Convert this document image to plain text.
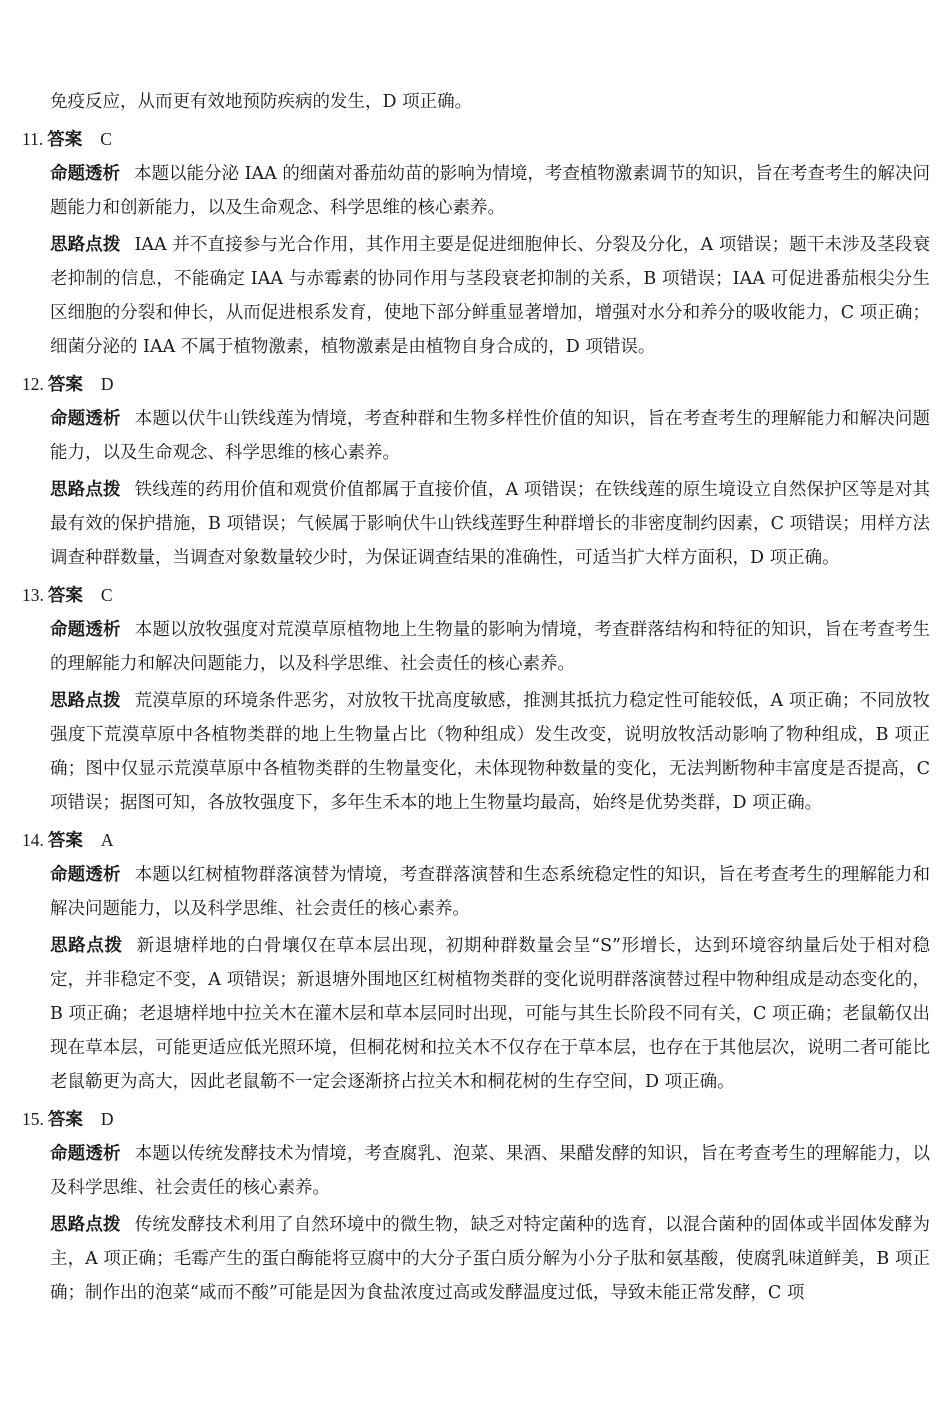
免疫反应，从而更有效地预防疾病的发生，D 项正确。

11. 答案 C

命题透析 本题以能分泌 IAA 的细菌对番茄幼苗的影响为情境，考查植物激素调节的知识，旨在考查考生的解决问题能力和创新能力，以及生命观念、科学思维的核心素养。

思路点拨 IAA 并不直接参与光合作用，其作用主要是促进细胞伸长、分裂及分化，A 项错误；题干未涉及茎段衰老抑制的信息，不能确定 IAA 与赤霉素的协同作用与茎段衰老抑制的关系，B 项错误；IAA 可促进番茄根尖分生区细胞的分裂和伸长，从而促进根系发育，使地下部分鲜重显著增加，增强对水分和养分的吸收能力，C 项正确；细菌分泌的 IAA 不属于植物激素，植物激素是由植物自身合成的，D 项错误。

12. 答案 D

命题透析 本题以伏牛山铁线莲为情境，考查种群和生物多样性价值的知识，旨在考查考生的理解能力和解决问题能力，以及生命观念、科学思维的核心素养。

思路点拨 铁线莲的药用价值和观赏价值都属于直接价值，A 项错误；在铁线莲的原生境设立自然保护区等是对其最有效的保护措施，B 项错误；气候属于影响伏牛山铁线莲野生种群增长的非密度制约因素，C 项错误；用样方法调查种群数量，当调查对象数量较少时，为保证调查结果的准确性，可适当扩大样方面积，D 项正确。

13. 答案 C

命题透析 本题以放牧强度对荒漠草原植物地上生物量的影响为情境，考查群落结构和特征的知识，旨在考查考生的理解能力和解决问题能力，以及科学思维、社会责任的核心素养。

思路点拨 荒漠草原的环境条件恶劣，对放牧干扰高度敏感，推测其抵抗力稳定性可能较低，A 项正确；不同放牧强度下荒漠草原中各植物类群的地上生物量占比（物种组成）发生改变，说明放牧活动影响了物种组成，B 项正确；图中仅显示荒漠草原中各植物类群的生物量变化，未体现物种数量的变化，无法判断物种丰富度是否提高，C 项错误；据图可知，各放牧强度下，多年生禾本的地上生物量均最高，始终是优势类群，D 项正确。

14. 答案 A

命题透析 本题以红树植物群落演替为情境，考查群落演替和生态系统稳定性的知识，旨在考查考生的理解能力和解决问题能力，以及科学思维、社会责任的核心素养。

思路点拨 新退塘样地的白骨壤仅在草本层出现，初期种群数量会呈“S”形增长，达到环境容纳量后处于相对稳定，并非稳定不变，A 项错误；新退塘外围地区红树植物类群的变化说明群落演替过程中物种组成是动态变化的，B 项正确；老退塘样地中拉关木在灌木层和草本层同时出现，可能与其生长阶段不同有关，C 项正确；老鼠簕仅出现在草本层，可能更适应低光照环境，但桐花树和拉关木不仅存在于草本层，也存在于其他层次，说明二者可能比老鼠簕更为高大，因此老鼠簕不一定会逐渐挤占拉关木和桐花树的生存空间，D 项正确。

15. 答案 D

命题透析 本题以传统发酵技术为情境，考查腐乳、泡菜、果酒、果醋发酵的知识，旨在考查考生的理解能力，以及科学思维、社会责任的核心素养。

思路点拨 传统发酵技术利用了自然环境中的微生物，缺乏对特定菌种的选育，以混合菌种的固体或半固体发酵为主，A 项正确；毛霉产生的蛋白酶能将豆腐中的大分子蛋白质分解为小分子肽和氨基酸，使腐乳味道鲜美，B 项正确；制作出的泡菜“咸而不酸”可能是因为食盐浓度过高或发酵温度过低，导致未能正常发酵，C 项
